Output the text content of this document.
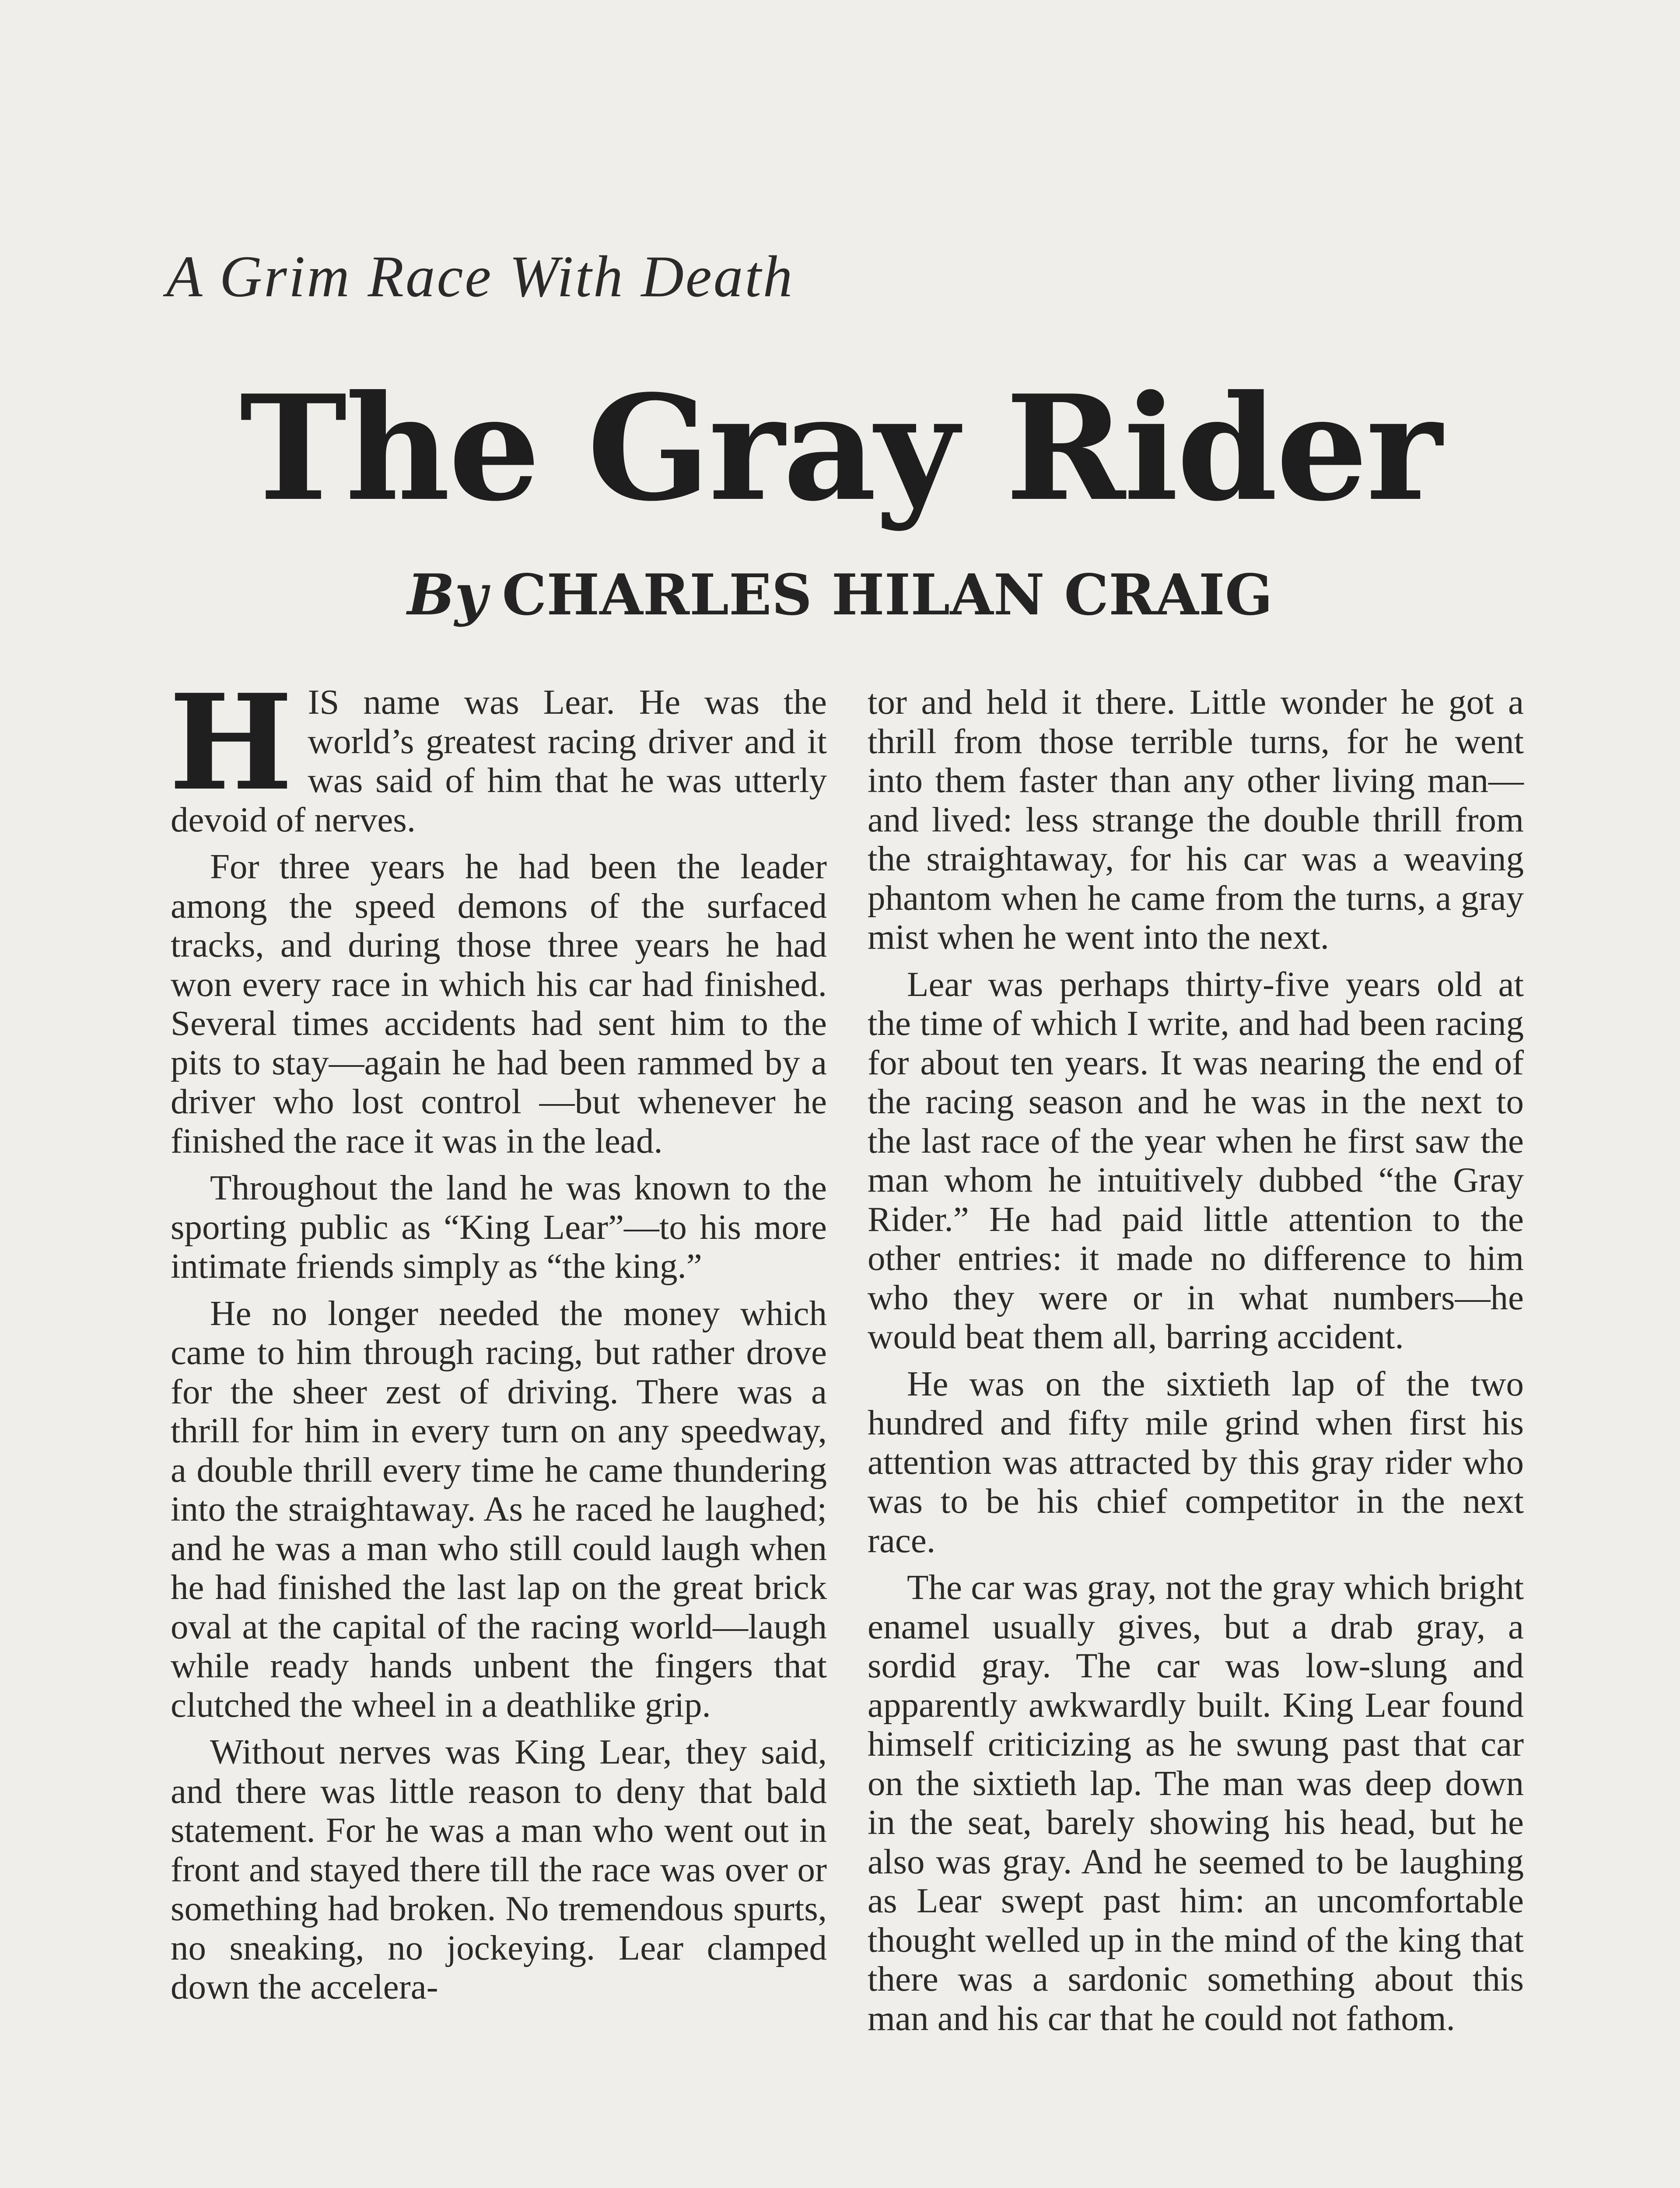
A Grim Race With Death
The Gray Rider
By CHARLES HILAN CRAIG

HIS name was Lear. He was the world’s greatest racing driver and it was said of him that he was utterly devoid of nerves.

For three years he had been the leader among the speed demons of the surfaced tracks, and during those three years he had won every race in which his car had finished. Several times accidents had sent him to the pits to stay—again he had been rammed by a driver who lost control —but whenever he finished the race it was in the lead.

Throughout the land he was known to the sporting public as “King Lear”—to his more intimate friends simply as “the king.”

He no longer needed the money which came to him through racing, but rather drove for the sheer zest of driving. There was a thrill for him in every turn on any speedway, a double thrill every time he came thundering into the straightaway. As he raced he laughed; and he was a man who still could laugh when he had finished the last lap on the great brick oval at the capital of the racing world—laugh while ready hands unbent the fingers that clutched the wheel in a deathlike grip.

Without nerves was King Lear, they said, and there was little reason to deny that bald statement. For he was a man who went out in front and stayed there till the race was over or something had broken. No tremendous spurts, no sneaking, no jockeying. Lear clamped down the accelera-

tor and held it there. Little wonder he got a thrill from those terrible turns, for he went into them faster than any other living man—and lived: less strange the double thrill from the straightaway, for his car was a weaving phantom when he came from the turns, a gray mist when he went into the next.

Lear was perhaps thirty-five years old at the time of which I write, and had been racing for about ten years. It was nearing the end of the racing season and he was in the next to the last race of the year when he first saw the man whom he intuitively dubbed “the Gray Rider.” He had paid little attention to the other entries: it made no difference to him who they were or in what numbers—he would beat them all, barring accident.

He was on the sixtieth lap of the two hundred and fifty mile grind when first his attention was attracted by this gray rider who was to be his chief competitor in the next race.

The car was gray, not the gray which bright enamel usually gives, but a drab gray, a sordid gray. The car was low-slung and apparently awkwardly built. King Lear found himself criticizing as he swung past that car on the sixtieth lap. The man was deep down in the seat, barely showing his head, but he also was gray. And he seemed to be laughing as Lear swept past him: an uncomfortable thought welled up in the mind of the king that there was a sardonic something about this man and his car that he could not fathom.
